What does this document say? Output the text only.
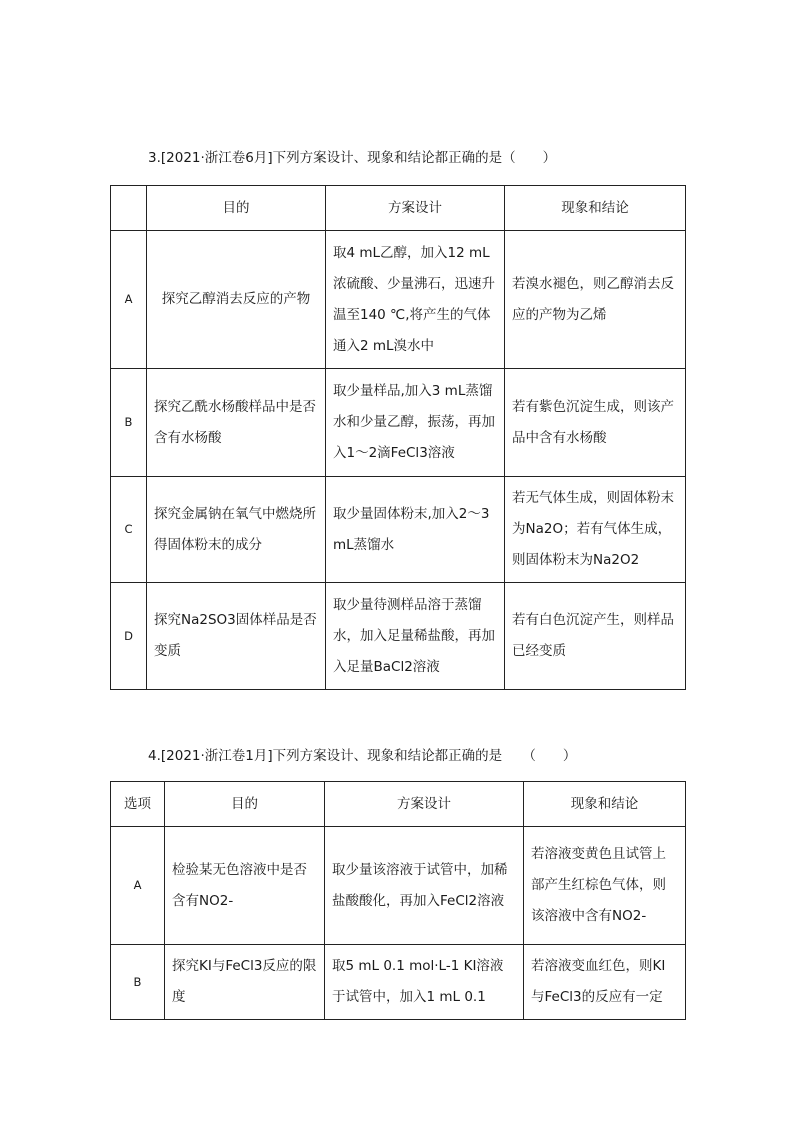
3.[2021·浙江卷6月]下列方案设计、现象和结论都正确的是（　　）
	目的	方案设计	现象和结论
A	探究乙醇消去反应的产物	取4 mL乙醇，加入12 mL浓硫酸、少量沸石，迅速升温至140 ℃,将产生的气体通入2 mL溴水中	若溴水褪色，则乙醇消去反应的产物为乙烯
B	探究乙酰水杨酸样品中是否含有水杨酸	取少量样品,加入3 mL蒸馏水和少量乙醇，振荡，再加入1～2滴FeCl3溶液	若有紫色沉淀生成，则该产品中含有水杨酸
C	探究金属钠在氧气中燃烧所得固体粉末的成分	取少量固体粉末,加入2～3 mL蒸馏水	若无气体生成，则固体粉末为Na2O；若有气体生成，则固体粉末为Na2O2
D	探究Na2SO3固体样品是否变质	取少量待测样品溶于蒸馏水，加入足量稀盐酸，再加入足量BaCl2溶液	若有白色沉淀产生，则样品已经变质
4.[2021·浙江卷1月]下列方案设计、现象和结论都正确的是　　（　　）
选项	目的	方案设计	现象和结论
A	检验某无色溶液中是否含有NO2-	取少量该溶液于试管中，加稀盐酸酸化，再加入FeCl2溶液	若溶液变黄色且试管上部产生红棕色气体，则该溶液中含有NO2-
B	探究KI与FeCl3反应的限度	取5 mL 0.1 mol·L-1 KI溶液于试管中，加入1 mL 0.1	若溶液变血红色，则KI与FeCl3的反应有一定
